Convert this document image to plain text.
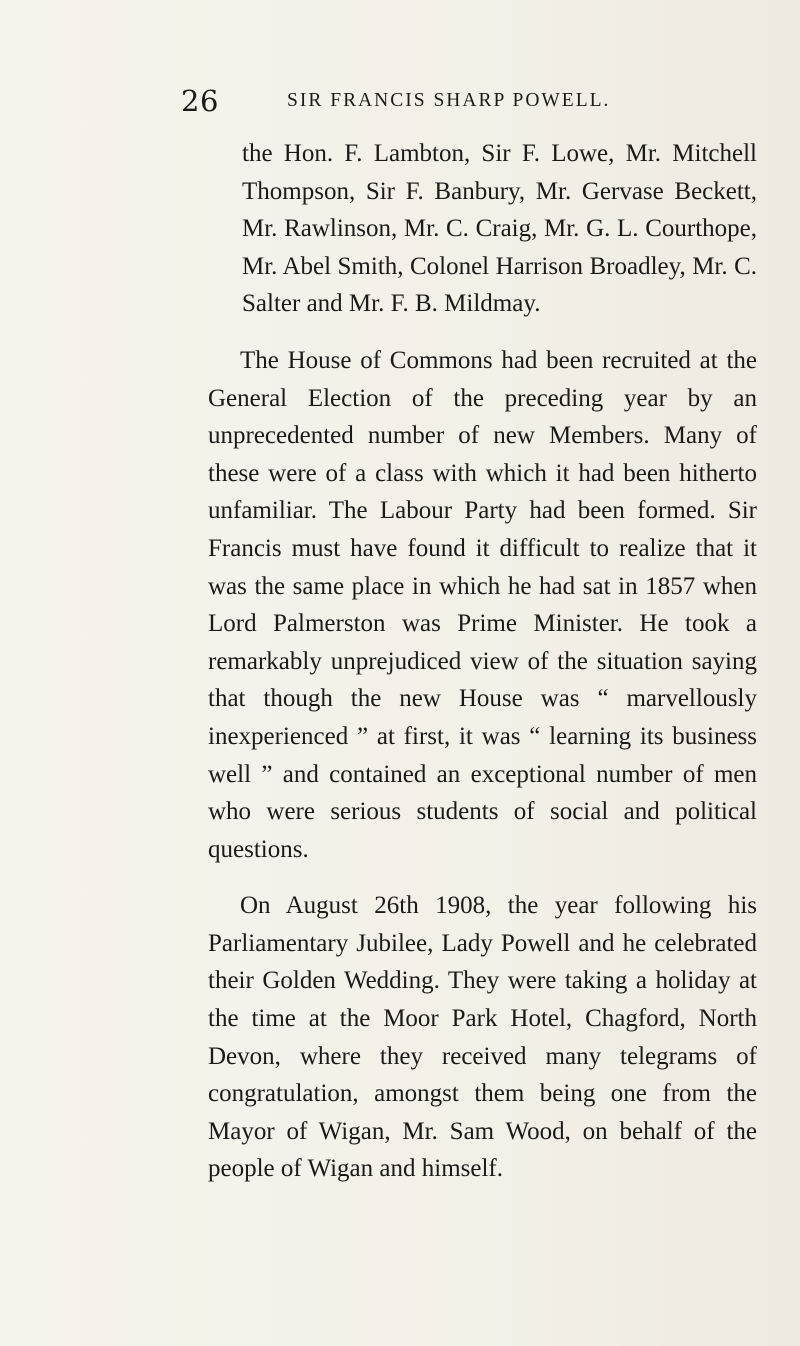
26	SIR FRANCIS SHARP POWELL.

the Hon. F. Lambton, Sir F. Lowe, Mr. Mitchell Thompson, Sir F. Banbury, Mr. Gervase Beckett, Mr. Rawlinson, Mr. C. Craig, Mr. G. L. Courthope, Mr. Abel Smith, Colonel Harrison Broadley, Mr. C. Salter and Mr. F. B. Mildmay.

The House of Commons had been recruited at the General Election of the preceding year by an unprecedented number of new Members. Many of these were of a class with which it had been hitherto unfamiliar. The Labour Party had been formed. Sir Francis must have found it difficult to realize that it was the same place in which he had sat in 1857 when Lord Palmerston was Prime Minister. He took a remarkably unprejudiced view of the situation saying that though the new House was “ marvellously inexperienced ” at first, it was “ learning its business well ” and contained an exceptional number of men who were serious students of social and political questions.

On August 26th 1908, the year following his Parliamentary Jubilee, Lady Powell and he celebrated their Golden Wedding. They were taking a holiday at the time at the Moor Park Hotel, Chagford, North Devon, where they received many telegrams of congratulation, amongst them being one from the Mayor of Wigan, Mr. Sam Wood, on behalf of the people of Wigan and himself.
